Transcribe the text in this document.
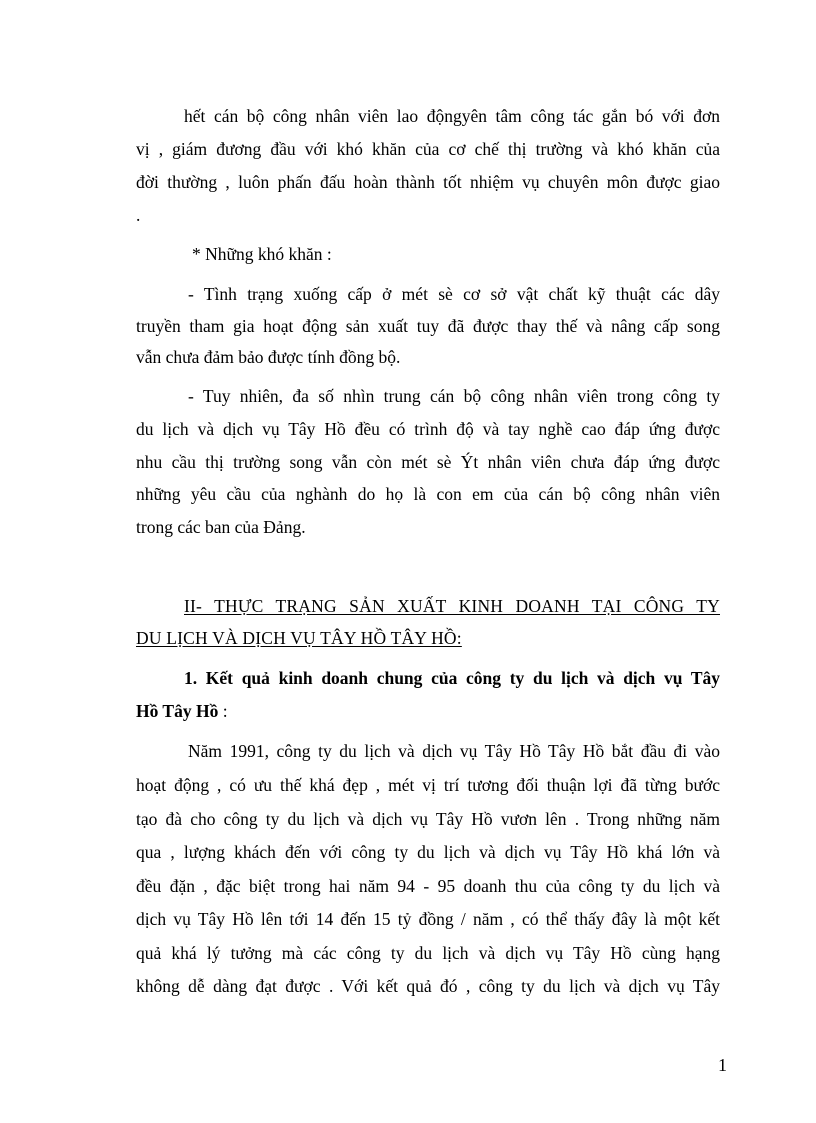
hết cán bộ công nhân viên lao độngyên tâm công tác gắn bó với đơn
vị , giám đương đầu với khó khăn của cơ chế thị trường và khó khăn của
đời thường , luôn phấn đấu hoàn thành tốt nhiệm vụ chuyên môn được giao
.
* Những khó khăn :
- Tình trạng xuống cấp ở mét sè cơ sở vật chất kỹ thuật các dây
truyền tham gia hoạt động sản xuất tuy đã được thay thế và nâng cấp song
vẫn chưa đảm bảo được tính đồng bộ.
- Tuy nhiên, đa số nhìn trung cán bộ công nhân viên trong công ty
du lịch và dịch vụ Tây Hồ đều có trình độ và tay nghề cao đáp ứng được
nhu cầu thị trường song vẫn còn mét sè Ýt nhân viên chưa đáp ứng được
những yêu cầu của nghành do họ là con em của cán bộ công nhân viên
trong các ban của Đảng.
II- THỰC TRẠNG SẢN XUẤT KINH DOANH TẠI CÔNG TY
DU LỊCH VÀ DỊCH VỤ TÂY HỒ TÂY HỒ:
1. Kết quả kinh doanh chung của công ty du lịch và dịch vụ Tây
Hồ Tây Hồ :
Năm 1991, công ty du lịch và dịch vụ Tây Hồ Tây Hồ bắt đầu đi vào
hoạt động , có ưu thế khá đẹp , mét vị trí tương đối thuận lợi đã từng bước
tạo đà cho công ty du lịch và dịch vụ Tây Hồ vươn lên . Trong những năm
qua , lượng khách đến với công ty du lịch và dịch vụ Tây Hồ khá lớn và
đều đặn , đặc biệt trong hai năm 94 - 95 doanh thu của công ty du lịch và
dịch vụ Tây Hồ lên tới 14 đến 15 tỷ đồng / năm , có thể thấy đây là một kết
quả khá lý tưởng mà các công ty du lịch và dịch vụ Tây Hồ cùng hạng
không dễ dàng đạt được . Với kết quả đó , công ty du lịch và dịch vụ Tây
1
